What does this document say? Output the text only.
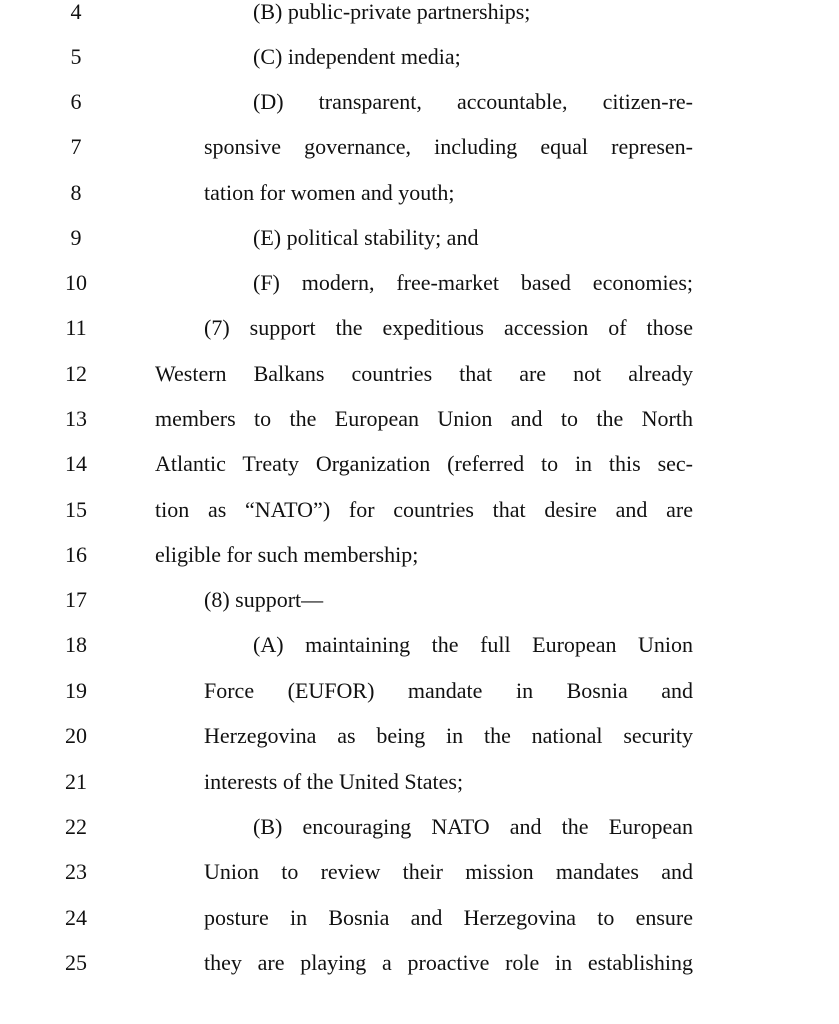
4	(B) public-private partnerships;
5	(C) independent media;
6	(D) transparent, accountable, citizen-re-
7	sponsive governance, including equal represen-
8	tation for women and youth;
9	(E) political stability; and
10	(F) modern, free-market based economies;
11	(7) support the expeditious accession of those
12	Western Balkans countries that are not already
13	members to the European Union and to the North
14	Atlantic Treaty Organization (referred to in this sec-
15	tion as “NATO”) for countries that desire and are
16	eligible for such membership;
17	(8) support—
18	(A) maintaining the full European Union
19	Force (EUFOR) mandate in Bosnia and
20	Herzegovina as being in the national security
21	interests of the United States;
22	(B) encouraging NATO and the European
23	Union to review their mission mandates and
24	posture in Bosnia and Herzegovina to ensure
25	they are playing a proactive role in establishing
